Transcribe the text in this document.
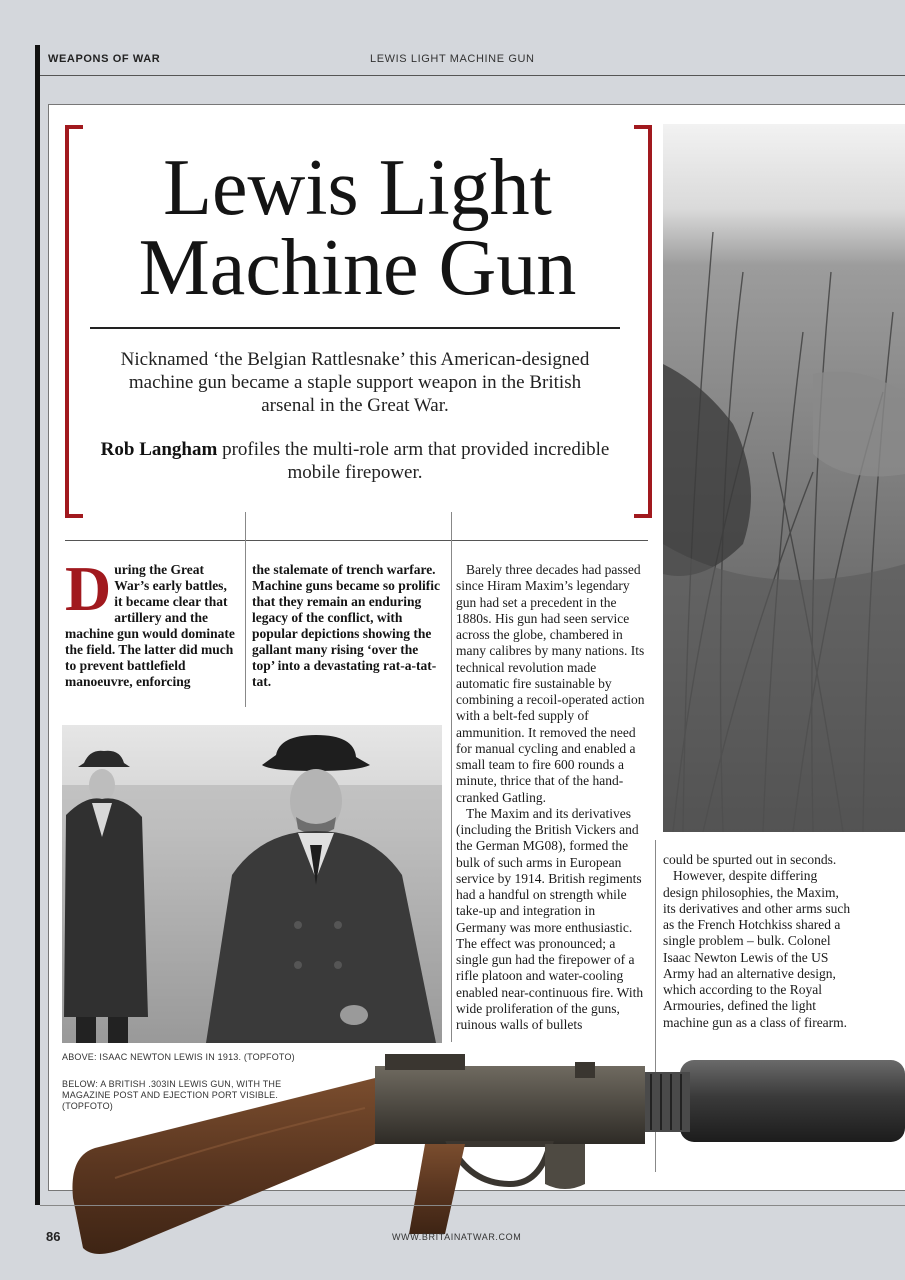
WEAPONS OF WAR	LEWIS LIGHT MACHINE GUN
Lewis Light
Machine Gun
Nicknamed ‘the Belgian Rattlesnake’ this American-designed machine gun became a staple support weapon in the British arsenal in the Great War.
Rob Langham profiles the multi-role arm that provided incredible mobile firepower.
During the Great War’s early battles, it became clear that artillery and the machine gun would dominate the field. The latter did much to prevent battlefield manoeuvre, enforcing
the stalemate of trench warfare. Machine guns became so prolific that they remain an enduring legacy of the conflict, with popular depictions showing the gallant many rising ‘over the top’ into a devastating rat-a-tat-tat.

Barely three decades had passed since Hiram Maxim’s legendary gun had set a precedent in the 1880s. His gun had seen service across the globe, chambered in many calibres by many nations. Its technical revolution made automatic fire sustainable by combining a recoil-operated action with a belt-fed supply of ammunition. It removed the need for manual cycling and enabled a small team to fire 600 rounds a minute, thrice that of the hand-cranked Gatling.

The Maxim and its derivatives (including the British Vickers and the German MG08), formed the bulk of such arms in European service by 1914. British regiments had a handful on strength while take-up and integration in Germany was more enthusiastic. The effect was pronounced; a single gun had the firepower of a rifle platoon and water-cooling enabled near-continuous fire. With wide proliferation of the guns, ruinous walls of bullets

could be spurted out in seconds.

However, despite differing design philosophies, the Maxim, its derivatives and other arms such as the French Hotchkiss shared a single problem – bulk. Colonel Isaac Newton Lewis of the US Army had an alternative design, which according to the Royal Armouries, defined the light machine gun as a class of firearm.

ABOVE: ISAAC NEWTON LEWIS IN 1913. (TOPFOTO)
BELOW: A BRITISH .303IN LEWIS GUN, WITH THE MAGAZINE POST AND EJECTION PORT VISIBLE. (TOPFOTO)
86	WWW.BRITAINATWAR.COM
